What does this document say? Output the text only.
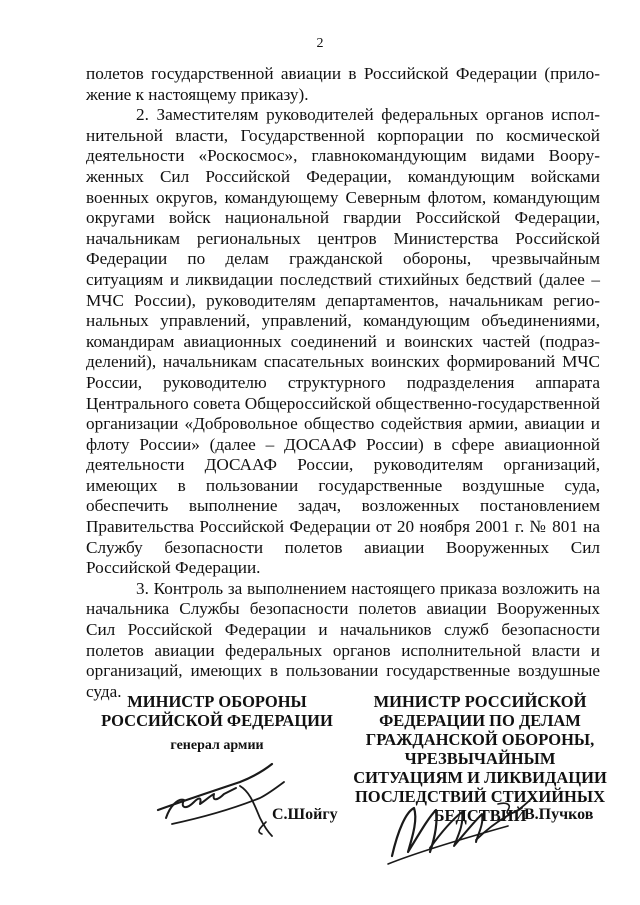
2

полетов государственной авиации в Российской Федерации (прило-жение к настоящему приказу).

2. Заместителям руководителей федеральных органов испол-нительной власти, Государственной корпорации по космической деятельности «Роскосмос», главнокомандующим видами Воору-женных Сил Российской Федерации, командующим войсками военных округов, командующему Северным флотом, командующим округами войск национальной гвардии Российской Федерации, начальникам региональных центров Министерства Российской Федерации по делам гражданской обороны, чрезвычайным ситуациям и ликвидации последствий стихийных бедствий (далее – МЧС России), руководителям департаментов, начальникам регио-нальных управлений, управлений, командующим объединениями, командирам авиационных соединений и воинских частей (подраз-делений), начальникам спасательных воинских формирований МЧС России, руководителю структурного подразделения аппарата Центрального совета Общероссийской общественно-государственной организации «Добровольное общество содействия армии, авиации и флоту России» (далее – ДОСААФ России) в сфере авиационной деятельности ДОСААФ России, руководителям организаций, имеющих в пользовании государственные воздушные суда, обеспечить выполнение задач, возложенных постановлением Правительства Российской Федерации от 20 ноября 2001 г. № 801 на Службу безопасности полетов авиации Вооруженных Сил Российской Федерации.

3. Контроль за выполнением настоящего приказа возложить на начальника Службы безопасности полетов авиации Вооруженных Сил Российской Федерации и начальников служб безопасности полетов авиации федеральных органов исполнительной власти и организаций, имеющих в пользовании государственные воздушные суда.

МИНИСТР ОБОРОНЫ
РОССИЙСКОЙ ФЕДЕРАЦИИ
генерал армии
МИНИСТР РОССИЙСКОЙ
ФЕДЕРАЦИИ ПО ДЕЛАМ
ГРАЖДАНСКОЙ ОБОРОНЫ,
ЧРЕЗВЫЧАЙНЫМ
СИТУАЦИЯМ И ЛИКВИДАЦИИ
ПОСЛЕДСТВИЙ СТИХИЙНЫХ
БЕДСТВИЙ
С.Шойгу	В.Пучков
